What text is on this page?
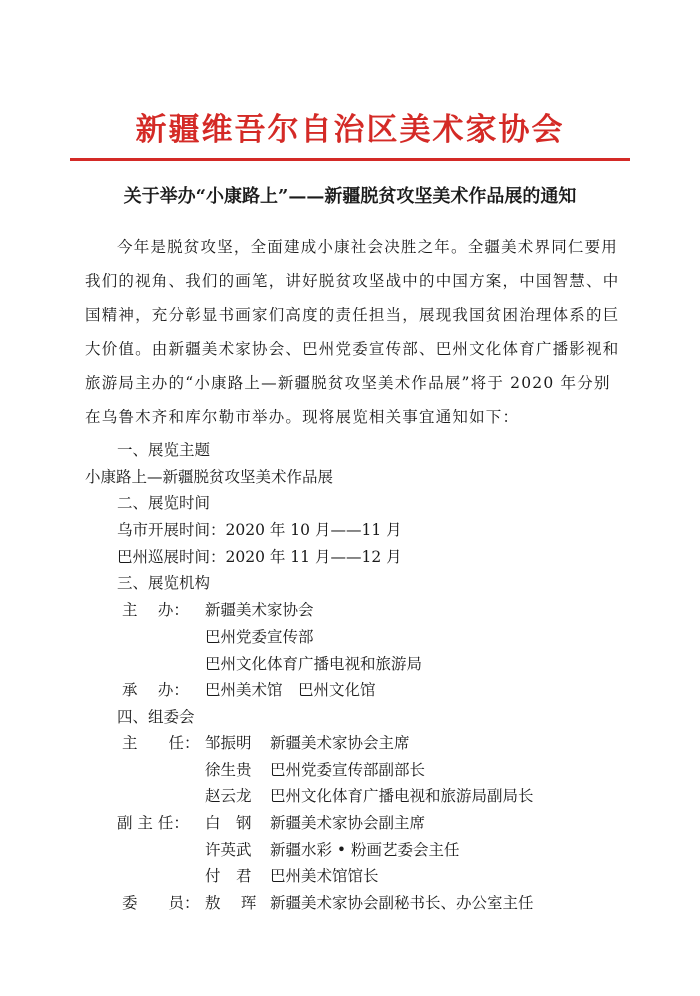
新疆维吾尔自治区美术家协会
关于举办“小康路上”——新疆脱贫攻坚美术作品展的通知
今年是脱贫攻坚，全面建成小康社会决胜之年。全疆美术界同仁要用
我们的视角、我们的画笔，讲好脱贫攻坚战中的中国方案，中国智慧、中
国精神，充分彰显书画家们高度的责任担当，展现我国贫困治理体系的巨
大价值。由新疆美术家协会、巴州党委宣传部、巴州文化体育广播影视和
旅游局主办的“小康路上—新疆脱贫攻坚美术作品展”将于 2020 年分别
在乌鲁木齐和库尔勒市举办。现将展览相关事宜通知如下：
一、展览主题
小康路上—新疆脱贫攻坚美术作品展
二、展览时间
乌市开展时间：2020 年 10 月——11 月
巴州巡展时间：2020 年 11 月——12 月
三、展览机构
主　 办： 新疆美术家协会
巴州党委宣传部
巴州文化体育广播电视和旅游局
承　 办： 巴州美术馆　巴州文化馆
四、组委会
主　　任： 邹振明 新疆美术家协会主席
徐生贵 巴州党委宣传部副部长
赵云龙 巴州文化体育广播电视和旅游局副局长
副 主 任： 白　钢 新疆美术家协会副主席
许英武 新疆水彩 • 粉画艺委会主任
付　君 巴州美术馆馆长
委　　员： 敖　 珲 新疆美术家协会副秘书长、办公室主任
